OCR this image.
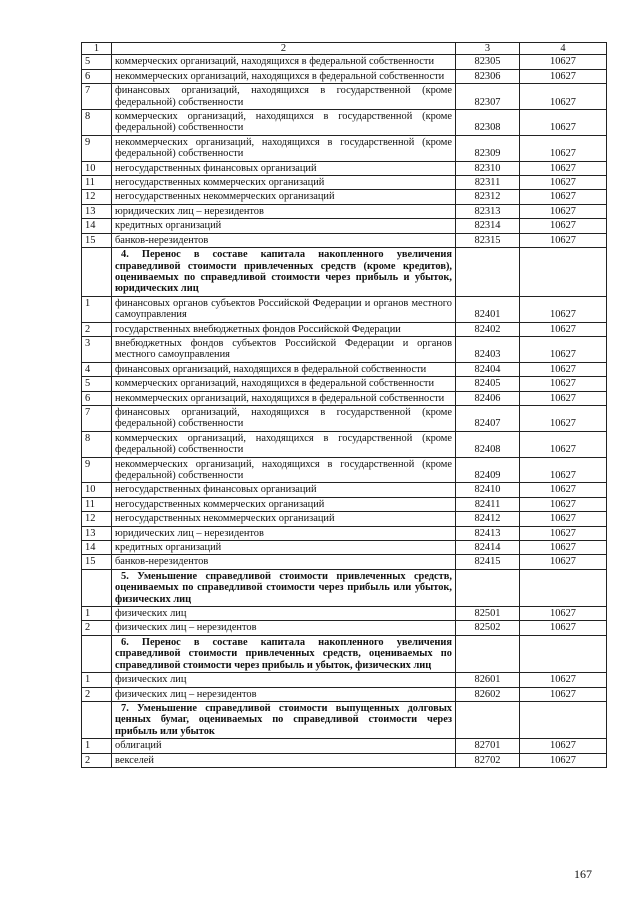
1	2	3	4
5	коммерческих организаций, находящихся в федеральной собственности	82305	10627
6	некоммерческих организаций, находящихся в федеральной собственности	82306	10627
7	финансовых организаций, находящихся в государственной (кроме федеральной) собственности	82307	10627
8	коммерческих организаций, находящихся в государственной (кроме федеральной) собственности	82308	10627
9	некоммерческих организаций, находящихся в государственной (кроме федеральной) собственности	82309	10627
10	негосударственных финансовых организаций	82310	10627
11	негосударственных коммерческих организаций	82311	10627
12	негосударственных некоммерческих организаций	82312	10627
13	юридических лиц – нерезидентов	82313	10627
14	кредитных организаций	82314	10627
15	банков-нерезидентов	82315	10627
	4. Перенос в составе капитала накопленного увеличения справедливой стоимости привлеченных средств (кроме кредитов), оцениваемых по справедливой стоимости через прибыль и убыток, юридических лиц		
1	финансовых органов субъектов Российской Федерации и органов местного самоуправления	82401	10627
2	государственных внебюджетных фондов Российской Федерации	82402	10627
3	внебюджетных фондов субъектов Российской Федерации и органов местного самоуправления	82403	10627
4	финансовых организаций, находящихся в федеральной собственности	82404	10627
5	коммерческих организаций, находящихся в федеральной собственности	82405	10627
6	некоммерческих организаций, находящихся в федеральной собственности	82406	10627
7	финансовых организаций, находящихся в государственной (кроме федеральной) собственности	82407	10627
8	коммерческих организаций, находящихся в государственной (кроме федеральной) собственности	82408	10627
9	некоммерческих организаций, находящихся в государственной (кроме федеральной) собственности	82409	10627
10	негосударственных финансовых организаций	82410	10627
11	негосударственных коммерческих организаций	82411	10627
12	негосударственных некоммерческих организаций	82412	10627
13	юридических лиц – нерезидентов	82413	10627
14	кредитных организаций	82414	10627
15	банков-нерезидентов	82415	10627
	5. Уменьшение справедливой стоимости привлеченных средств, оцениваемых по справедливой стоимости через прибыль или убыток, физических лиц		
1	физических лиц	82501	10627
2	физических лиц – нерезидентов	82502	10627
	6. Перенос в составе капитала накопленного увеличения справедливой стоимости привлеченных средств, оцениваемых по справедливой стоимости через прибыль и убыток, физических лиц		
1	физических лиц	82601	10627
2	физических лиц – нерезидентов	82602	10627
	7. Уменьшение справедливой стоимости выпущенных долговых ценных бумаг, оцениваемых по справедливой стоимости через прибыль или убыток		
1	облигаций	82701	10627
2	векселей	82702	10627
167
